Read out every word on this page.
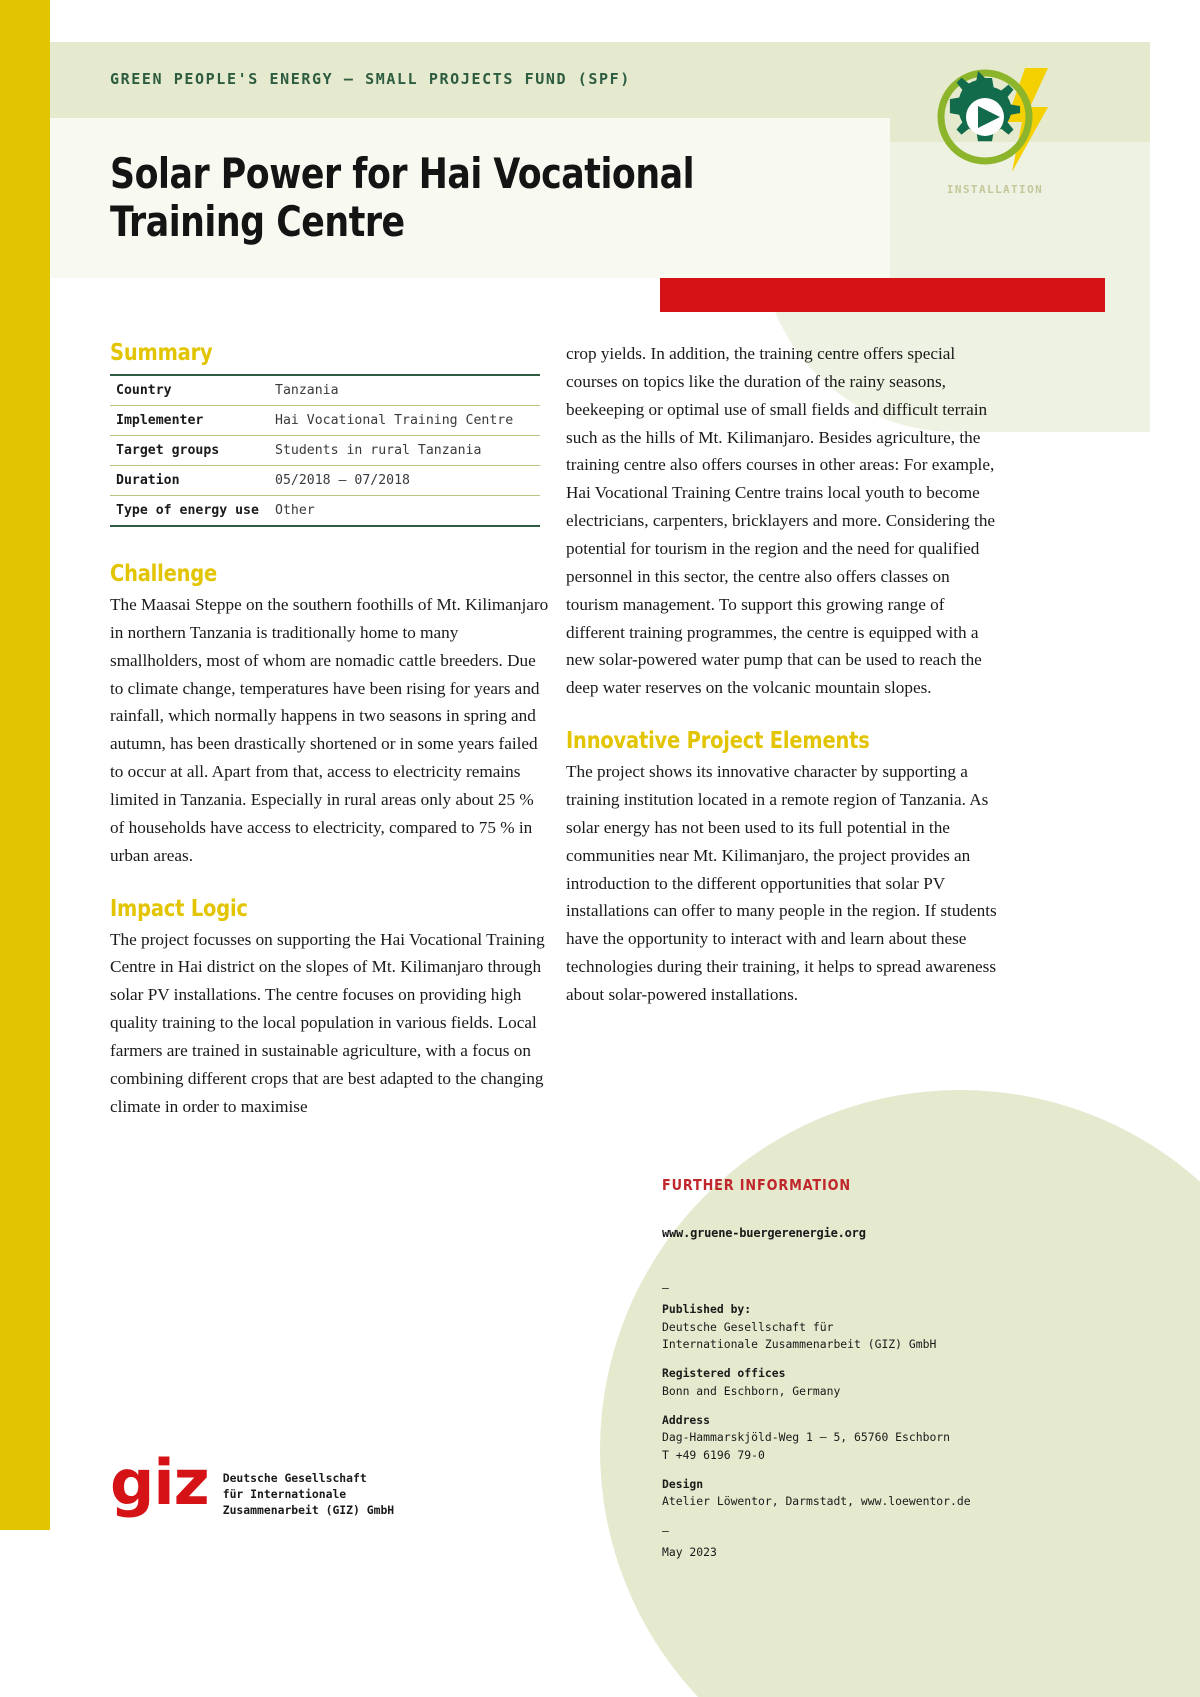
GREEN PEOPLE'S ENERGY — SMALL PROJECTS FUND (SPF)
Solar Power for Hai Vocational Training Centre
INSTALLATION
Summary
Country	Tanzania
Implementer	Hai Vocational Training Centre
Target groups	Students in rural Tanzania
Duration	05/2018 – 07/2018
Type of energy use	Other
Challenge

The Maasai Steppe on the southern foothills of Mt. Kilimanjaro in northern Tanzania is traditionally home to many smallholders, most of whom are nomadic cattle breeders. Due to climate change, temperatures have been rising for years and rainfall, which normally happens in two seasons in spring and autumn, has been drastically shortened or in some years failed to occur at all. Apart from that, access to electricity remains limited in Tanzania. Especially in rural areas only about 25 % of households have access to electricity, compared to 75 % in urban areas.

Impact Logic

The project focusses on supporting the Hai Vocational Training Centre in Hai district on the slopes of Mt. Kilimanjaro through solar PV installations. The centre focuses on providing high quality training to the local population in various fields. Local farmers are trained in sustainable agriculture, with a focus on combining different crops that are best adapted to the changing climate in order to maximise

crop yields. In addition, the training centre offers special courses on topics like the duration of the rainy seasons, beekeeping or optimal use of small fields and difficult terrain such as the hills of Mt. Kilimanjaro. Besides agriculture, the training centre also offers courses in other areas: For example, Hai Vocational Training Centre trains local youth to become electricians, carpenters, bricklayers and more. Considering the potential for tourism in the region and the need for qualified personnel in this sector, the centre also offers classes on tourism management. To support this growing range of different training programmes, the centre is equipped with a new solar-powered water pump that can be used to reach the deep water reserves on the volcanic mountain slopes.

Innovative Project Elements

The project shows its innovative character by supporting a training institution located in a remote region of Tanzania. As solar energy has not been used to its full potential in the communities near Mt. Kilimanjaro, the project provides an introduction to the different opportunities that solar PV installations can offer to many people in the region. If students have the opportunity to interact with and learn about these technologies during their training, it helps to spread awareness about solar-powered installations.

FURTHER INFORMATION
www.gruene-buergerenergie.org
—
Published by:
Deutsche Gesellschaft für
Internationale Zusammenarbeit (GIZ) GmbH
Registered offices
Bonn and Eschborn, Germany
Address
Dag-Hammarskjöld-Weg 1 – 5, 65760 Eschborn
T +49 6196 79-0
Design
Atelier Löwentor, Darmstadt, www.loewentor.de
—
May 2023
giz Deutsche Gesellschaft
für Internationale
Zusammenarbeit (GIZ) GmbH
